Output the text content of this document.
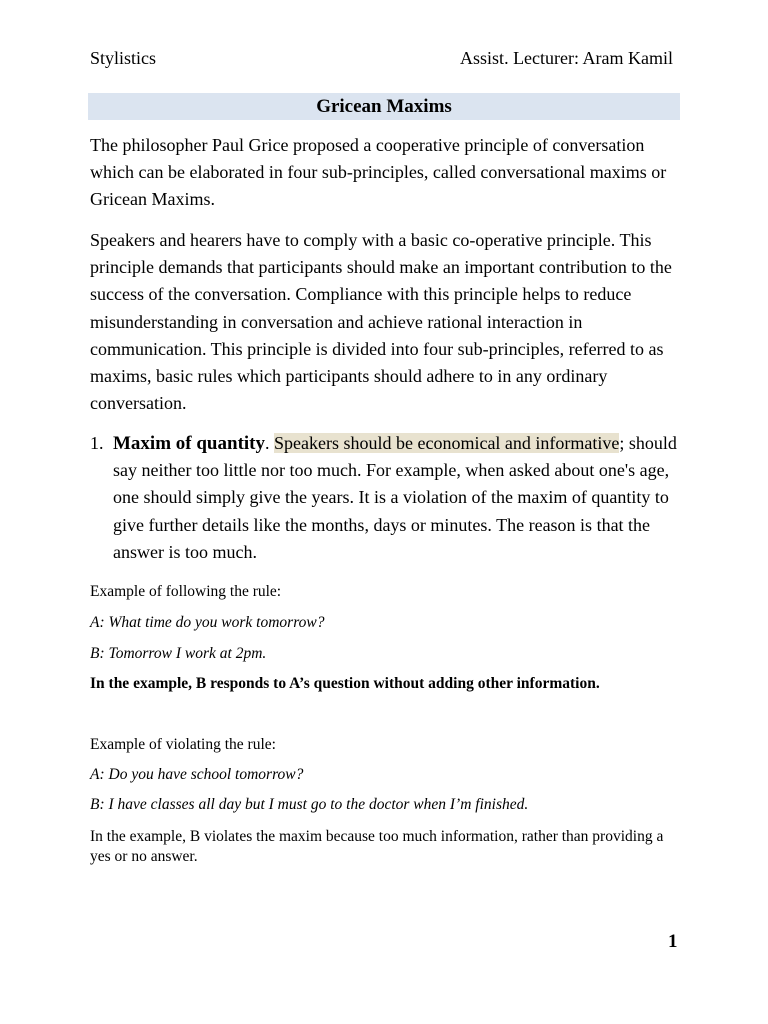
Stylistics	Assist. Lecturer: Aram Kamil
Gricean Maxims

The philosopher Paul Grice proposed a cooperative principle of conversation which can be elaborated in four sub-principles, called conversational maxims or Gricean Maxims.

Speakers and hearers have to comply with a basic co-operative principle. This principle demands that participants should make an important contribution to the success of the conversation. Compliance with this principle helps to reduce misunderstanding in conversation and achieve rational interaction in communication. This principle is divided into four sub-principles, referred to as maxims, basic rules which participants should adhere to in any ordinary conversation.

1. Maxim of quantity. Speakers should be economical and informative; should say neither too little nor too much. For example, when asked about one's age, one should simply give the years. It is a violation of the maxim of quantity to give further details like the months, days or minutes. The reason is that the answer is too much.

Example of following the rule:

A: What time do you work tomorrow?

B: Tomorrow I work at 2pm.

In the example, B responds to A’s question without adding other information.

Example of violating the rule:

A: Do you have school tomorrow?

B: I have classes all day but I must go to the doctor when I’m finished.

In the example, B violates the maxim because too much information, rather than providing a yes or no answer.

1
